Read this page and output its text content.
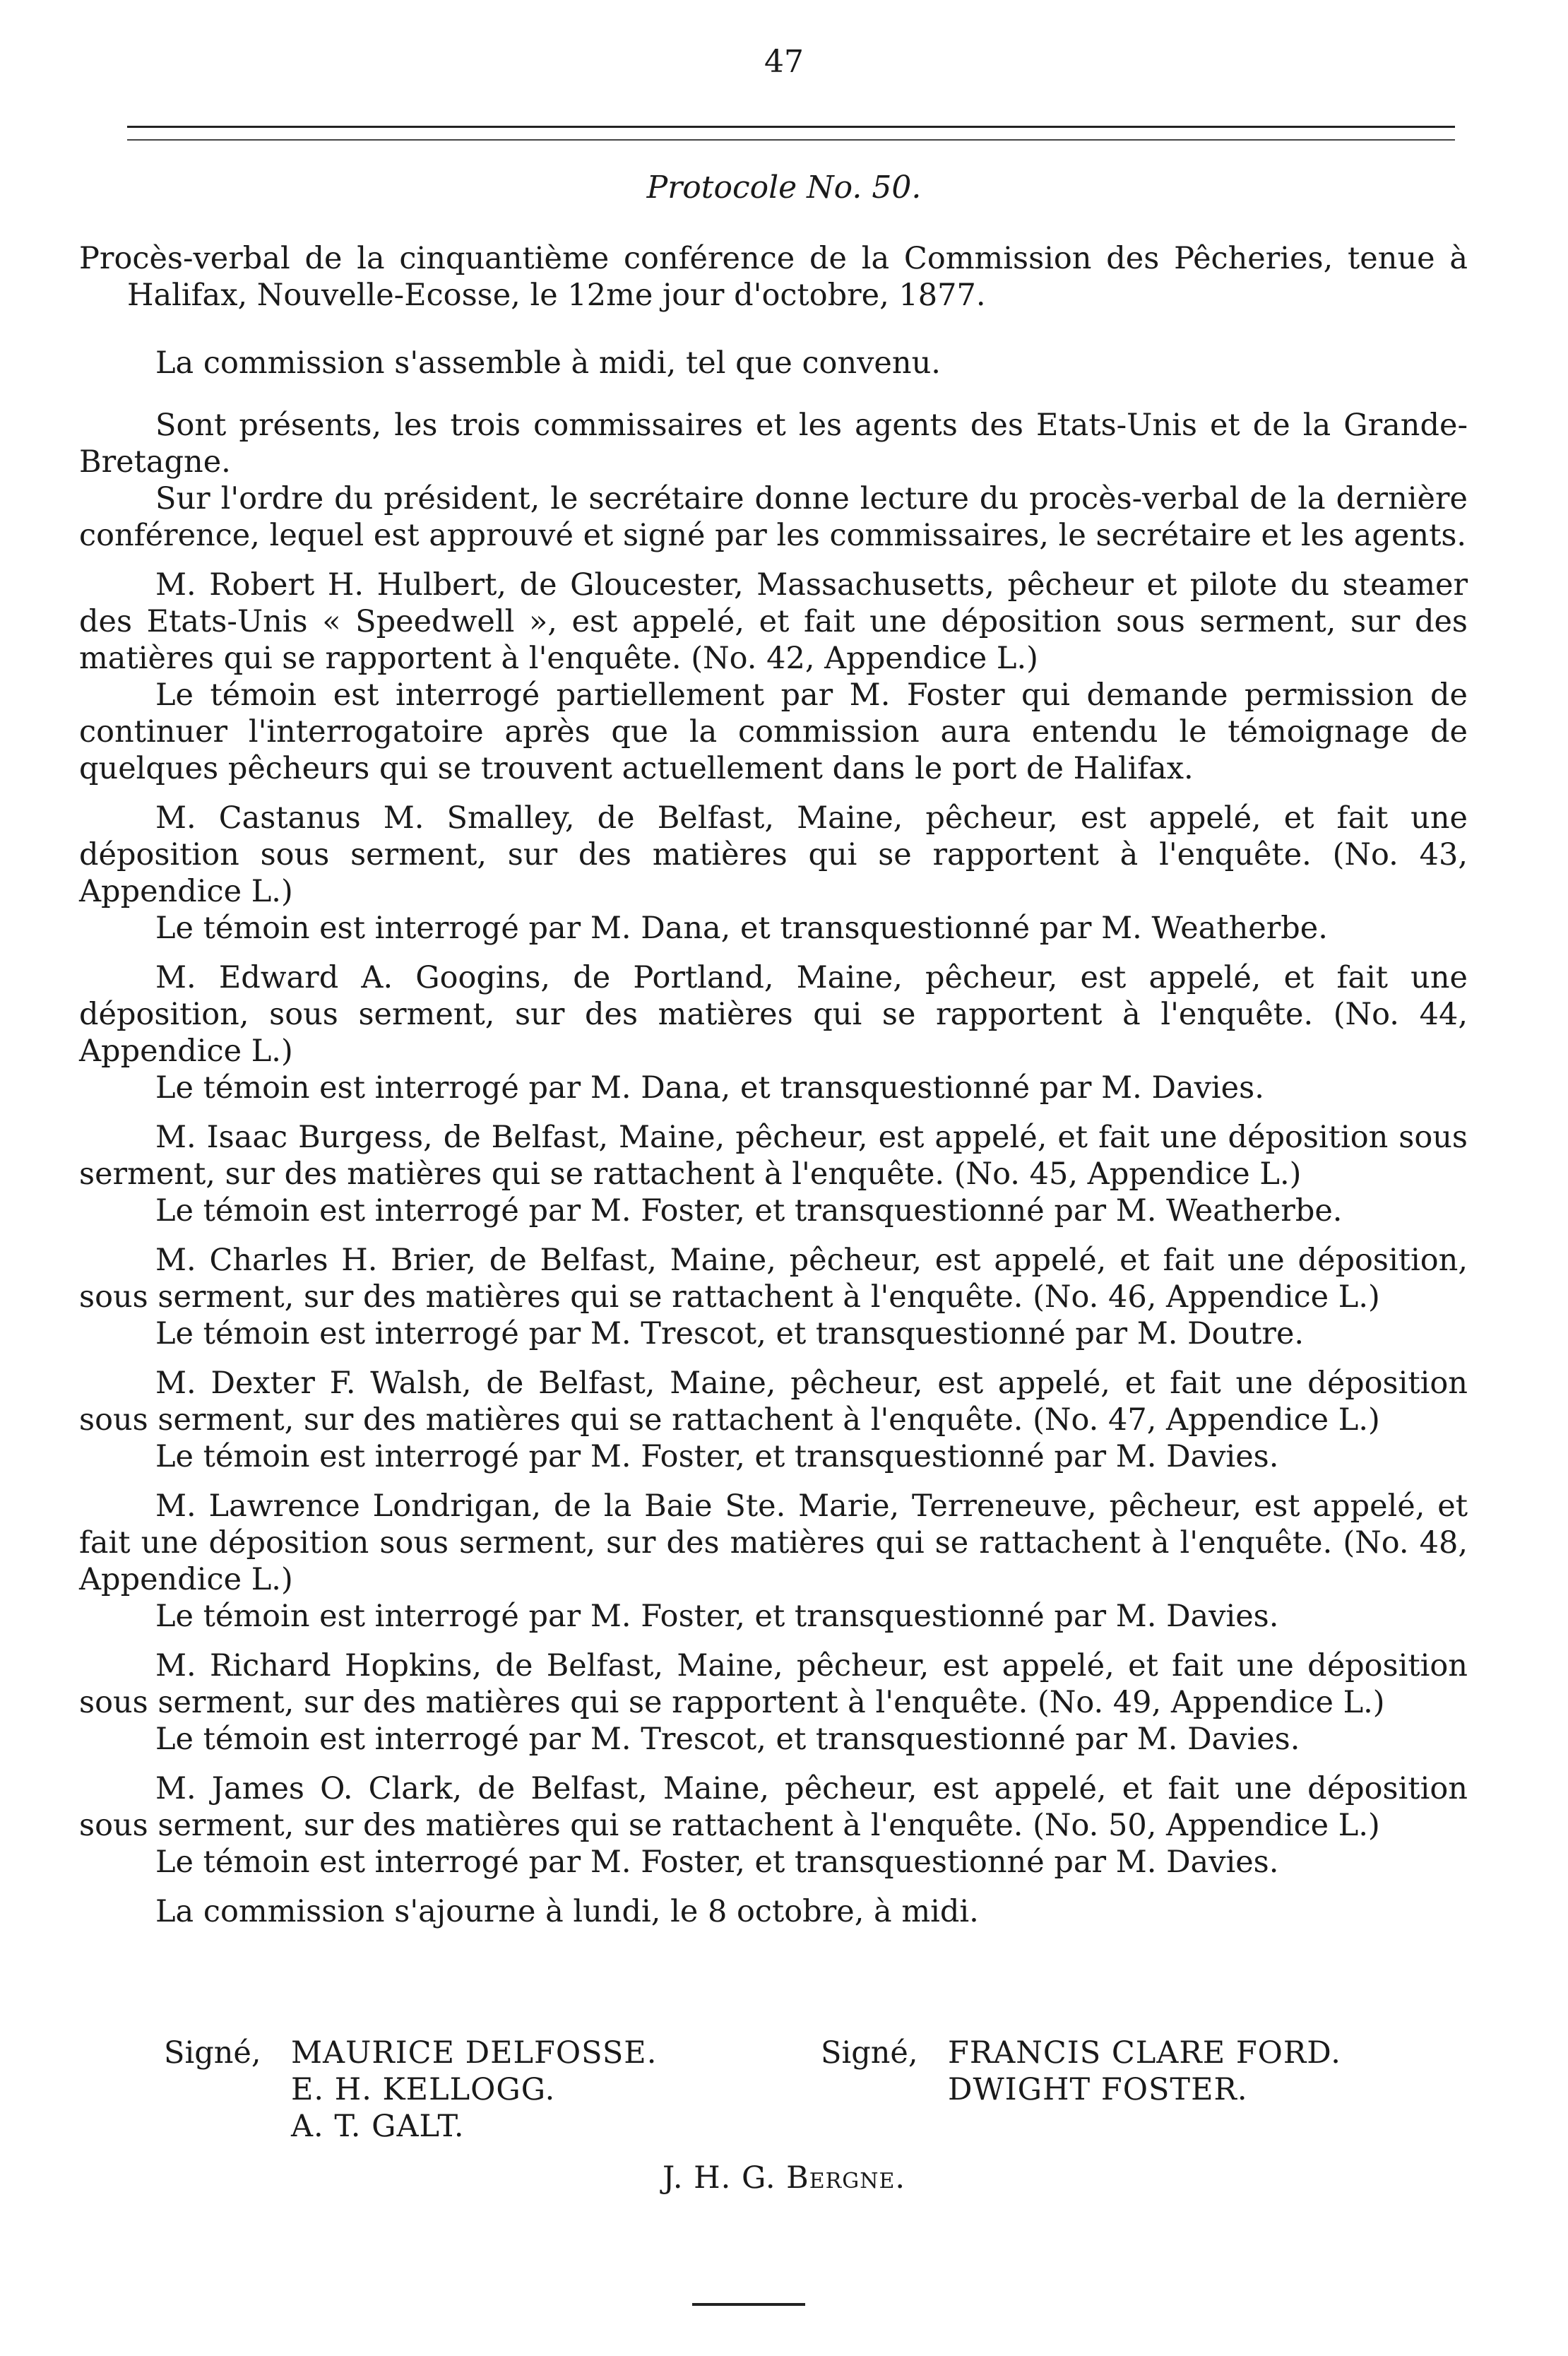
47
Protocole No. 50.

Procès-verbal de la cinquantième conférence de la Commission des Pêcheries, tenue à Halifax, Nouvelle-Ecosse, le 12me jour d'octobre, 1877.

La commission s'assemble à midi, tel que convenu.

Sont présents, les trois commissaires et les agents des Etats-Unis et de la Grande-Bretagne.

Sur l'ordre du président, le secrétaire donne lecture du procès-verbal de la dernière conférence, lequel est approuvé et signé par les commissaires, le secrétaire et les agents.

M. Robert H. Hulbert, de Gloucester, Massachusetts, pêcheur et pilote du steamer des Etats-Unis « Speedwell », est appelé, et fait une déposition sous serment, sur des matières qui se rapportent à l'enquête. (No. 42, Appendice L.)

Le témoin est interrogé partiellement par M. Foster qui demande permission de continuer l'interrogatoire après que la commission aura entendu le témoignage de quelques pêcheurs qui se trouvent actuellement dans le port de Halifax.

M. Castanus M. Smalley, de Belfast, Maine, pêcheur, est appelé, et fait une déposition sous serment, sur des matières qui se rapportent à l'enquête. (No. 43, Appendice L.)

Le témoin est interrogé par M. Dana, et transquestionné par M. Weatherbe.

M. Edward A. Googins, de Portland, Maine, pêcheur, est appelé, et fait une déposition, sous serment, sur des matières qui se rapportent à l'enquête. (No. 44, Appendice L.)

Le témoin est interrogé par M. Dana, et transquestionné par M. Davies.

M. Isaac Burgess, de Belfast, Maine, pêcheur, est appelé, et fait une déposition sous serment, sur des matières qui se rattachent à l'enquête. (No. 45, Appendice L.)

Le témoin est interrogé par M. Foster, et transquestionné par M. Weatherbe.

M. Charles H. Brier, de Belfast, Maine, pêcheur, est appelé, et fait une déposition, sous serment, sur des matières qui se rattachent à l'enquête. (No. 46, Appendice L.)

Le témoin est interrogé par M. Trescot, et transquestionné par M. Doutre.

M. Dexter F. Walsh, de Belfast, Maine, pêcheur, est appelé, et fait une déposition sous serment, sur des matières qui se rattachent à l'enquête. (No. 47, Appendice L.)

Le témoin est interrogé par M. Foster, et transquestionné par M. Davies.

M. Lawrence Londrigan, de la Baie Ste. Marie, Terreneuve, pêcheur, est appelé, et fait une déposition sous serment, sur des matières qui se rattachent à l'enquête. (No. 48, Appendice L.)

Le témoin est interrogé par M. Foster, et transquestionné par M. Davies.

M. Richard Hopkins, de Belfast, Maine, pêcheur, est appelé, et fait une déposition sous serment, sur des matières qui se rapportent à l'enquête. (No. 49, Appendice L.)

Le témoin est interrogé par M. Trescot, et transquestionné par M. Davies.

M. James O. Clark, de Belfast, Maine, pêcheur, est appelé, et fait une déposition sous serment, sur des matières qui se rattachent à l'enquête. (No. 50, Appendice L.)

Le témoin est interrogé par M. Foster, et transquestionné par M. Davies.

La commission s'ajourne à lundi, le 8 octobre, à midi.

Signé, MAURICE DELFOSSE.
E. H. KELLOGG.
A. T. GALT.
Signé, FRANCIS CLARE FORD.
DWIGHT FOSTER.
J. H. G. Bergne.
